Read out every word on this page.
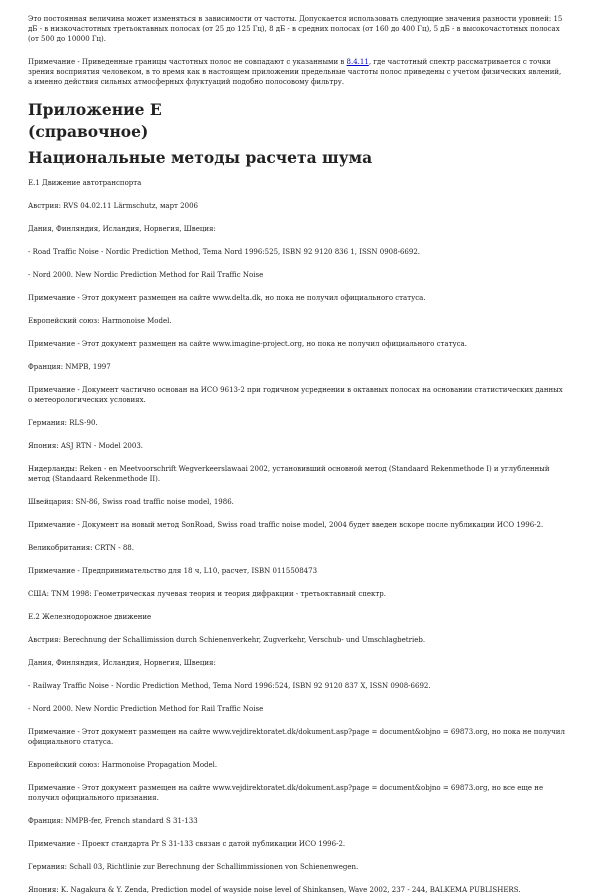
Это постоянная величина может изменяться в зависимости от частоты. Допускается использовать следующие значения разности уровней: 15 дБ - в низкочастотных третьоктавных полосах (от 25 до 125 Гц), 8 дБ - в средних полосах (от 160 до 400 Гц), 5 дБ - в высокочастотных полосах (от 500 до 10000 Гц).

Примечание - Приведенные границы частотных полос не совпадают с указанными в 8.4.11, где частотный спектр рассматривается с точки зрения восприятия человеком, в то время как в настоящем приложении предельные частоты полос приведены с учетом физических явлений, а именно действия сильных атмосферных флуктуаций подобно полосовому фильтру.

Приложение Е
(справочное)
Национальные методы расчета шума

Е.1 Движение автотранспорта

Австрия: RVS 04.02.11 Lärmschutz, март 2006

Дания, Финляндия, Исландия, Норвегия, Швеция:

- Road Traffic Noise - Nordic Prediction Method, Tema Nord 1996:525, ISBN 92 9120 836 1, ISSN 0908-6692.

- Nord 2000. New Nordic Prediction Method for Rail Traffic Noise

Примечание - Этот документ размещен на сайте www.delta.dk, но пока не получил официального статуса.

Европейский союз: Harmonoise Model.

Примечание - Этот документ размещен на сайте www.imagine-project.org, но пока не получил официального статуса.

Франция: NMPB, 1997

Примечание - Документ частично основан на ИСО 9613-2 при годичном усреднении в октавных полосах на основании статистических данных о метеорологических условиях.

Германия: RLS-90.

Япония: ASJ RTN - Model 2003.

Нидерланды: Reken - en Meetvoorschrift Wegverkeerslawaai 2002, установивший основной метод (Standaard Rekenmethode I) и углубленный метод (Standaard Rekenmethode II).

Швейцария: SN-86, Swiss road traffic noise model, 1986.

Примечание - Документ на новый метод SonRoad, Swiss road traffic noise model, 2004 будет введен вскоре после публикации ИСО 1996-2.

Великобритания: CRTN - 88.

Примечание - Предпринимательство для 18 ч, L10, расчет, ISBN 0115508473

США: TNM 1998: Геометрическая лучевая теория и теория дифракции - третьоктавный спектр.

Е.2 Железнодорожное движение

Австрия: Berechnung der Schallimission durch Schienenverkehr, Zugverkehr, Verschub- und Umschlagbetrieb.

Дания, Финляндия, Исландия, Норвегия, Швеция:

- Railway Traffic Noise - Nordic Prediction Method, Tema Nord 1996:524, ISBN 92 9120 837 X, ISSN 0908-6692.

- Nord 2000. New Nordic Prediction Method for Rail Traffic Noise

Примечание - Этот документ размещен на сайте www.vejdirektoratet.dk/dokument.asp?page = document&objno = 69873.org, но пока не получил официального статуса.

Европейский союз: Harmonoise Propagation Model.

Примечание - Этот документ размещен на сайте www.vejdirektoratet.dk/dokument.asp?page = document&objno = 69873.org, но все еще не получил официального признания.

Франция: NMPB-fer, French standard S 31-133

Примечание - Проект стандарта Pr S 31-133 связан с датой публикации ИСО 1996-2.

Германия: Schall 03, Richtlinie zur Berechnung der Schallimmissionen von Schienenwegen.

Япония: K. Nagakura & Y. Zenda, Prediction model of wayside noise level of Shinkansen, Wave 2002, 237 - 244, BALKEMA PUBLISHERS.
